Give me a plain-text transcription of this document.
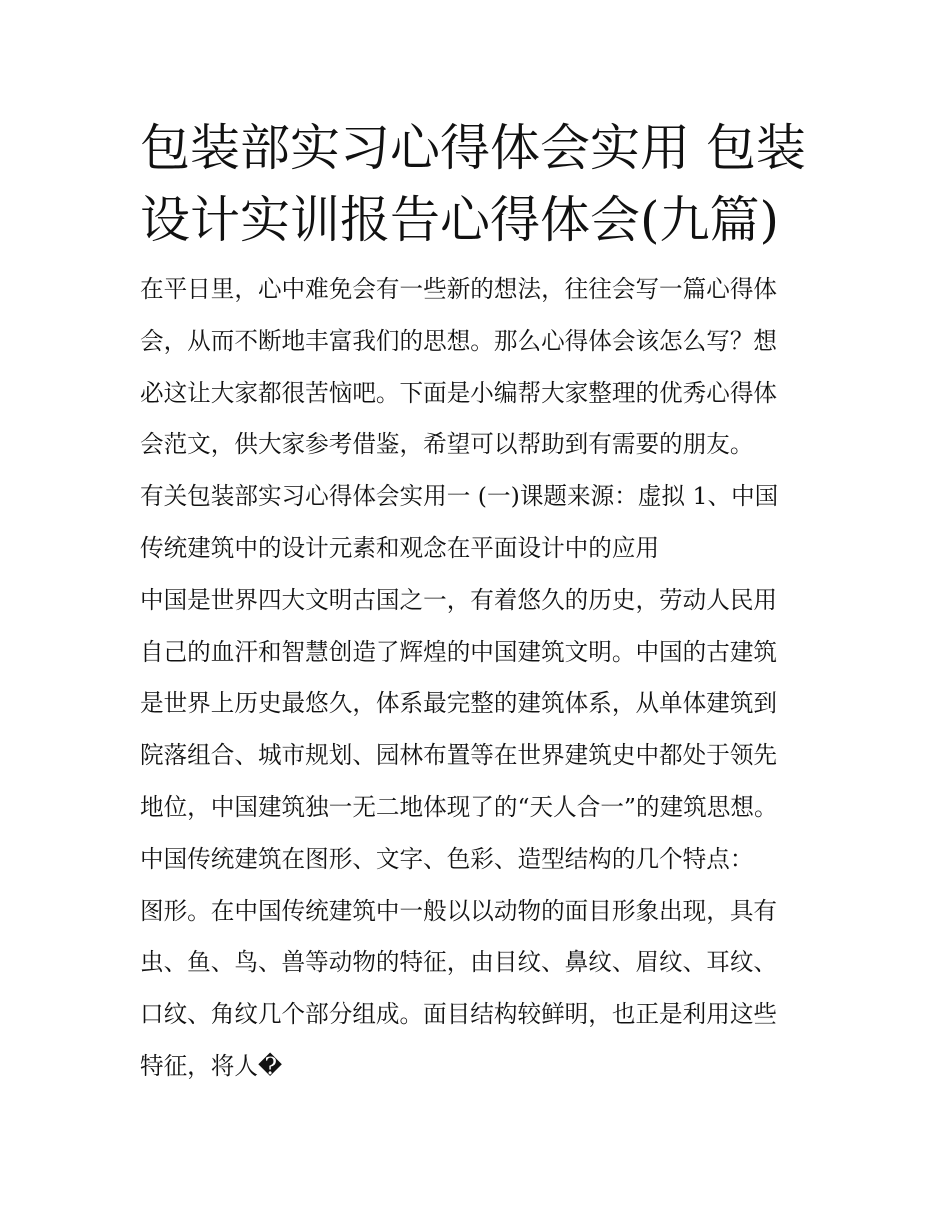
包装部实习心得体会实用 包装
设计实训报告心得体会(九篇)

在平日里，心中难免会有一些新的想法，往往会写一篇心得体
会，从而不断地丰富我们的思想。那么心得体会该怎么写？想
必这让大家都很苦恼吧。下面是小编帮大家整理的优秀心得体
会范文，供大家参考借鉴，希望可以帮助到有需要的朋友。

有关包装部实习心得体会实用一 (一)课题来源：虚拟 1、中国
传统建筑中的设计元素和观念在平面设计中的应用

中国是世界四大文明古国之一，有着悠久的历史，劳动人民用
自己的血汗和智慧创造了辉煌的中国建筑文明。中国的古建筑
是世界上历史最悠久，体系最完整的建筑体系，从单体建筑到
院落组合、城市规划、园林布置等在世界建筑史中都处于领先
地位，中国建筑独一无二地体现了的“天人合一”的建筑思想。

中国传统建筑在图形、文字、色彩、造型结构的几个特点：

图形。在中国传统建筑中一般以以动物的面目形象出现，具有
虫、鱼、鸟、兽等动物的特征，由目纹、鼻纹、眉纹、耳纹、
口纹、角纹几个部分组成。面目结构较鲜明，也正是利用这些
特征，将人�
